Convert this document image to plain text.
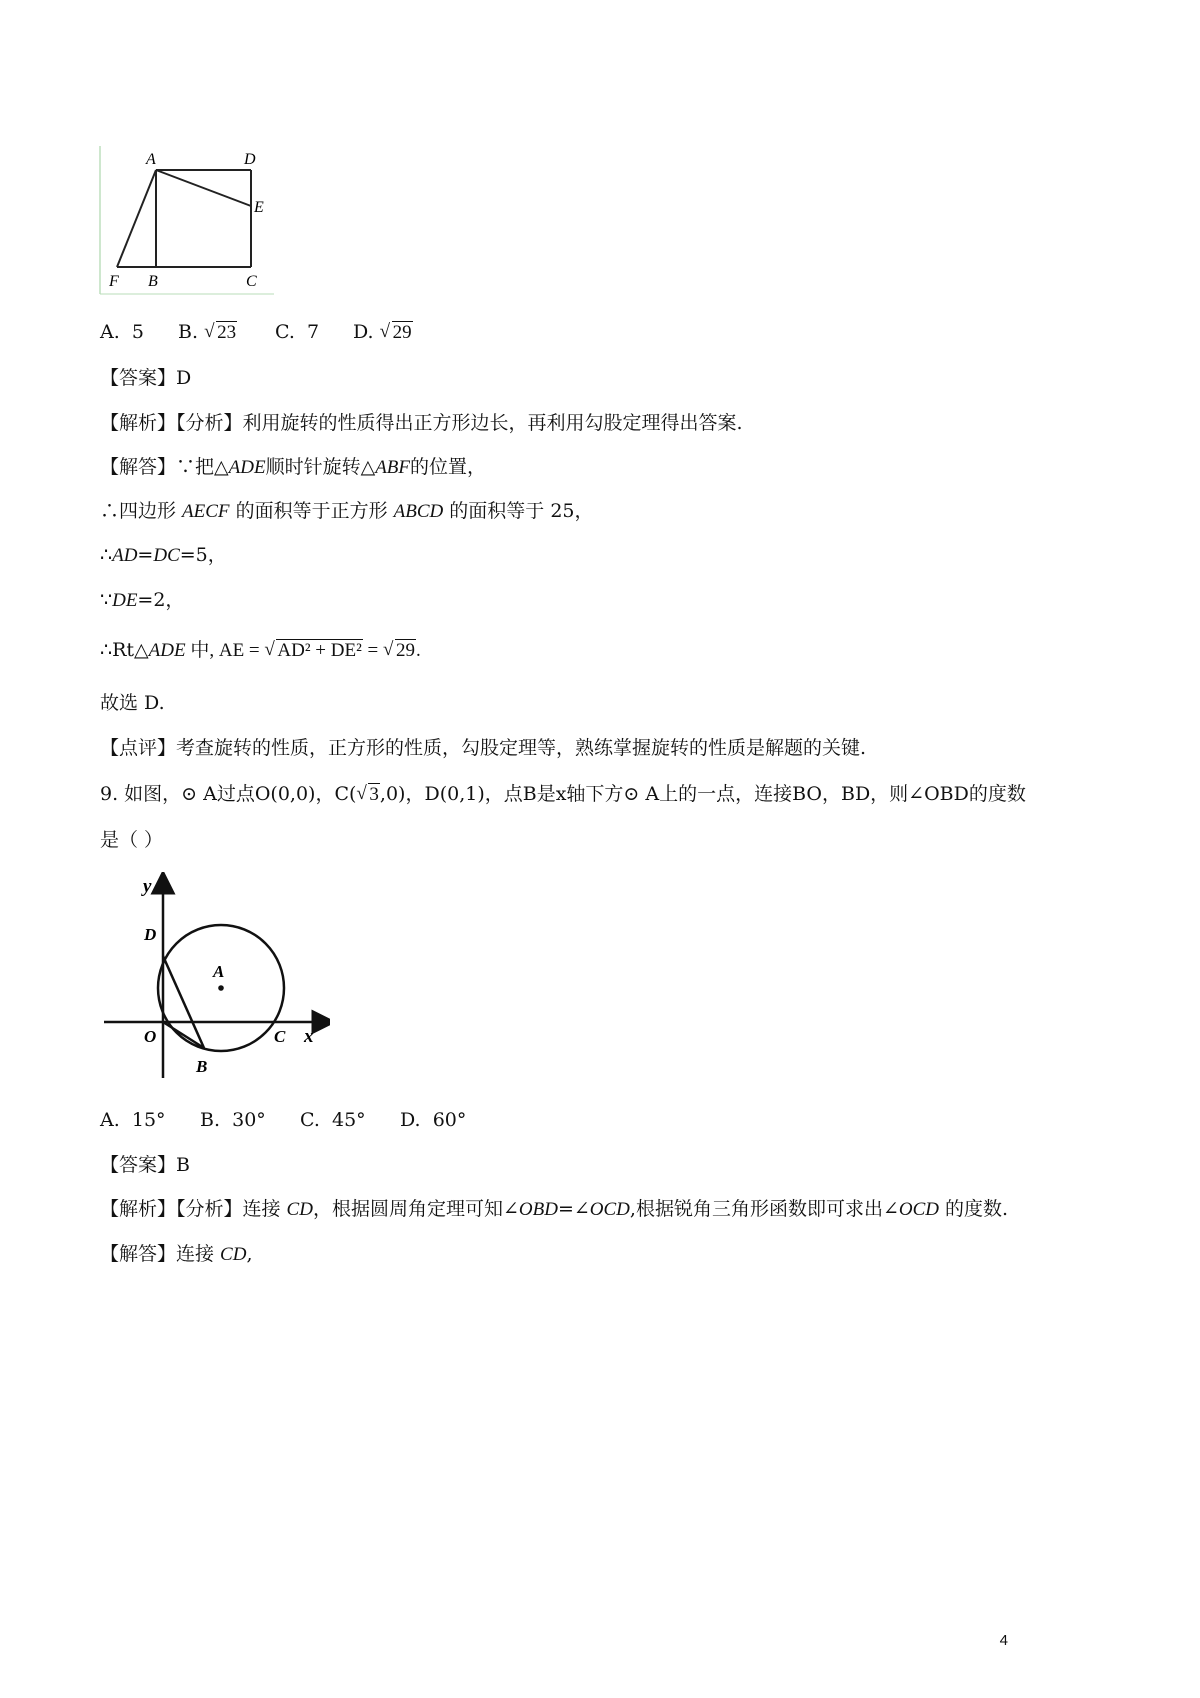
A	D
E
F B	C
A. 5 B. √ 23 C. 7 D. √ 29
【答案】D
【解析】【分析】利用旋转的性质得出正方形边长，再利用勾股定理得出答案.
【解答】∵把△ADE顺时针旋转△ABF的位置，
∴四边形 AECF 的面积等于正方形 ABCD 的面积等于 25，
∴AD=DC=5，
∵DE=2，
∴Rt△ADE 中, AE = √ AD² + DE² = √ 29.
故选 D.
【点评】考查旋转的性质，正方形的性质，勾股定理等，熟练掌握旋转的性质是解题的关键.
9. 如图，⊙ A过点O(0,0)，C( √ 3,0)，D(0,1)，点B是x轴下方⊙ A上的一点，连接BO，BD，则∠OBD的度数
是（ ）
y
x
D
A
O	C
B
A. 15° B. 30° C. 45° D. 60°
【答案】B
【解析】【分析】连接 CD，根据圆周角定理可知∠OBD=∠OCD,根据锐角三角形函数即可求出∠OCD 的度数.
【解答】连接 CD,
4
